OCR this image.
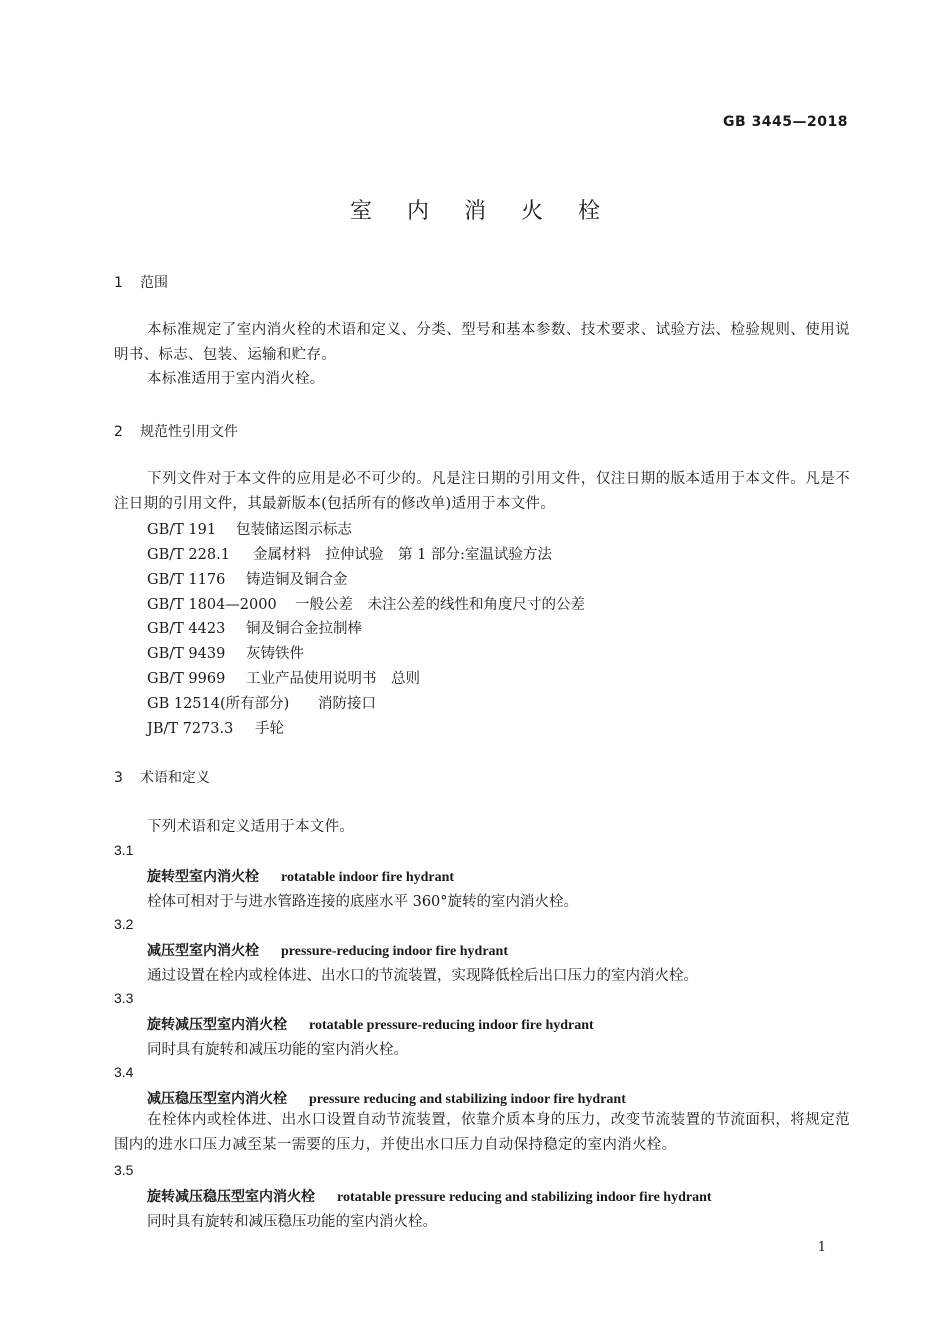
GB 3445—2018
室 内 消 火 栓
1 范围
本标准规定了室内消火栓的术语和定义、分类、型号和基本参数、技术要求、试验方法、检验规则、使用说明书、标志、包装、运输和贮存。
本标准适用于室内消火栓。
2 规范性引用文件
下列文件对于本文件的应用是必不可少的。凡是注日期的引用文件，仅注日期的版本适用于本文件。凡是不注日期的引用文件，其最新版本(包括所有的修改单)适用于本文件。
GB/T 191 包装储运图示标志
GB/T 228.1 金属材料　拉伸试验　第 1 部分:室温试验方法
GB/T 1176 铸造铜及铜合金
GB/T 1804—2000 一般公差　未注公差的线性和角度尺寸的公差
GB/T 4423 铜及铜合金拉制棒
GB/T 9439 灰铸铁件
GB/T 9969 工业产品使用说明书　总则
GB 12514(所有部分) 消防接口
JB/T 7273.3 手轮
3 术语和定义
下列术语和定义适用于本文件。
3.1
旋转型室内消火栓 rotatable indoor fire hydrant
栓体可相对于与进水管路连接的底座水平 360°旋转的室内消火栓。
3.2
减压型室内消火栓 pressure-reducing indoor fire hydrant
通过设置在栓内或栓体进、出水口的节流装置，实现降低栓后出口压力的室内消火栓。
3.3
旋转减压型室内消火栓 rotatable pressure-reducing indoor fire hydrant
同时具有旋转和减压功能的室内消火栓。
3.4
减压稳压型室内消火栓 pressure reducing and stabilizing indoor fire hydrant
在栓体内或栓体进、出水口设置自动节流装置，依靠介质本身的压力，改变节流装置的节流面积，将规定范围内的进水口压力减至某一需要的压力，并使出水口压力自动保持稳定的室内消火栓。
3.5
旋转减压稳压型室内消火栓 rotatable pressure reducing and stabilizing indoor fire hydrant
同时具有旋转和减压稳压功能的室内消火栓。
1
